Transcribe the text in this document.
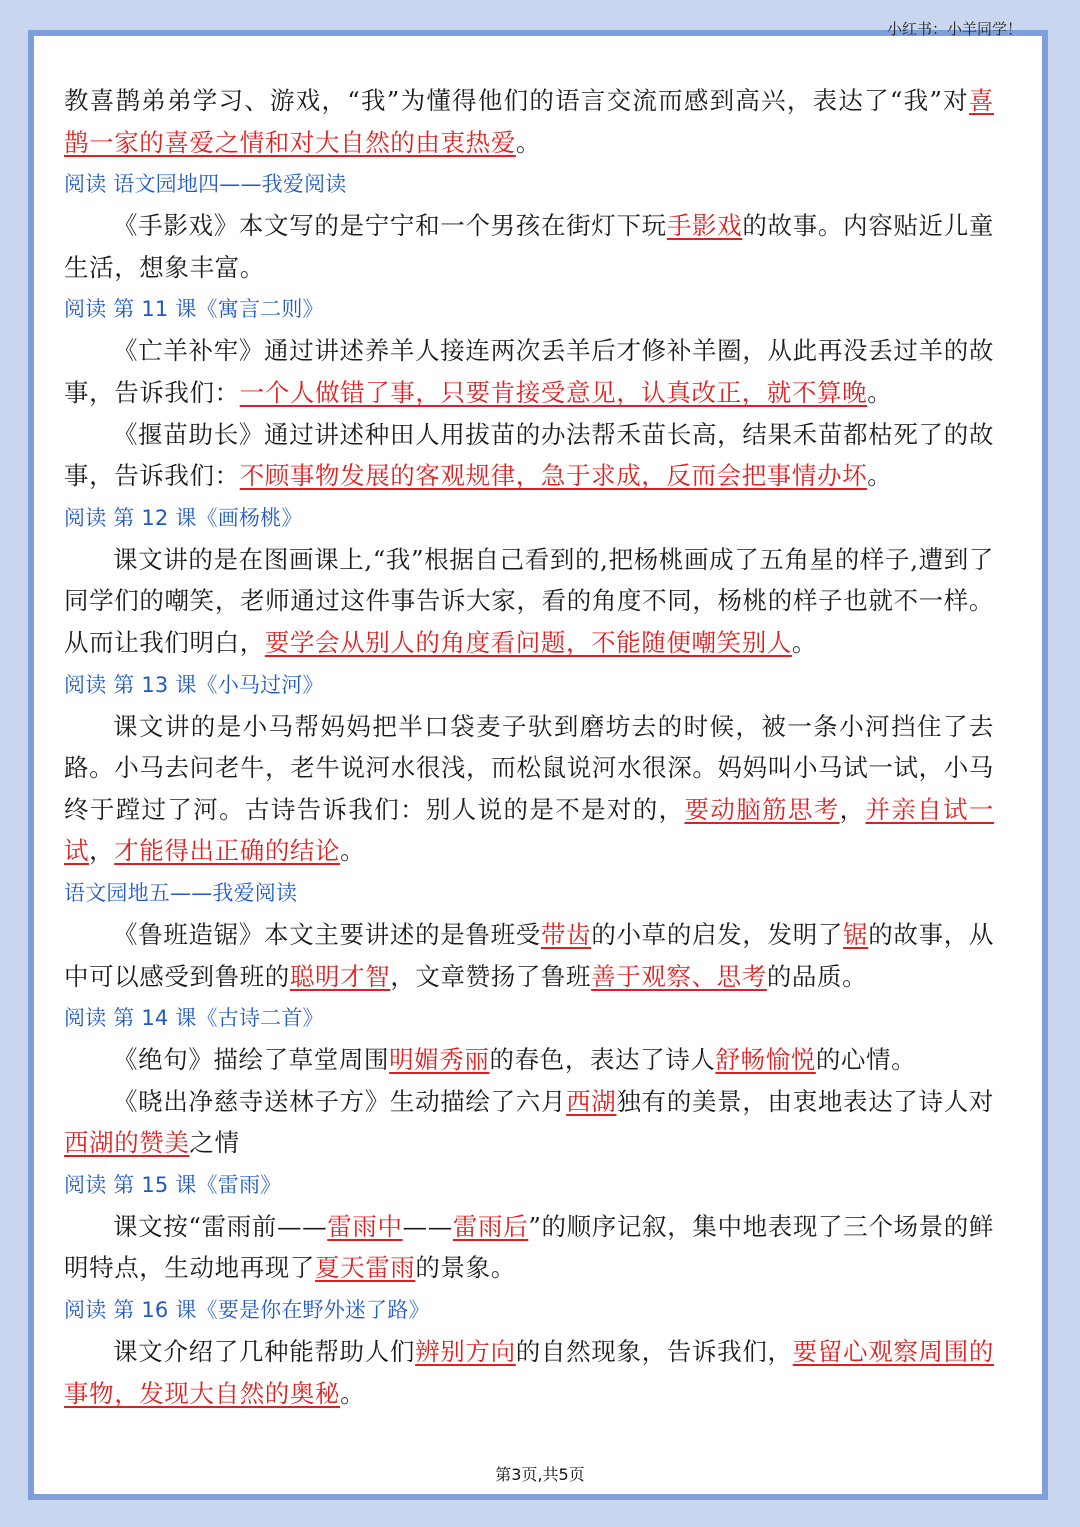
小红书：小羊同学！

教喜鹊弟弟学习、游戏，“我”为懂得他们的语言交流而感到高兴，表达了“我”对喜鹊一家的喜爱之情和对大自然的由衷热爱。

阅读 语文园地四——我爱阅读

《手影戏》本文写的是宁宁和一个男孩在街灯下玩手影戏的故事。内容贴近儿童生活，想象丰富。

阅读 第 11 课《寓言二则》

《亡羊补牢》通过讲述养羊人接连两次丢羊后才修补羊圈，从此再没丢过羊的故事，告诉我们：一个人做错了事，只要肯接受意见，认真改正，就不算晚。

《揠苗助长》通过讲述种田人用拔苗的办法帮禾苗长高，结果禾苗都枯死了的故事，告诉我们：不顾事物发展的客观规律，急于求成，反而会把事情办坏。

阅读 第 12 课《画杨桃》

课文讲的是在图画课上,“我”根据自己看到的,把杨桃画成了五角星的样子,遭到了同学们的嘲笑，老师通过这件事告诉大家，看的角度不同，杨桃的样子也就不一样。从而让我们明白，要学会从别人的角度看问题，不能随便嘲笑别人。

阅读 第 13 课《小马过河》

课文讲的是小马帮妈妈把半口袋麦子驮到磨坊去的时候，被一条小河挡住了去路。小马去问老牛，老牛说河水很浅，而松鼠说河水很深。妈妈叫小马试一试，小马终于蹚过了河。古诗告诉我们：别人说的是不是对的，要动脑筋思考，并亲自试一试，才能得出正确的结论。

语文园地五——我爱阅读

《鲁班造锯》本文主要讲述的是鲁班受带齿的小草的启发，发明了锯的故事，从中可以感受到鲁班的聪明才智，文章赞扬了鲁班善于观察、思考的品质。

阅读 第 14 课《古诗二首》

《绝句》描绘了草堂周围明媚秀丽的春色，表达了诗人舒畅愉悦的心情。

《晓出净慈寺送林子方》生动描绘了六月西湖独有的美景，由衷地表达了诗人对西湖的赞美之情

阅读 第 15 课《雷雨》

课文按“雷雨前——雷雨中——雷雨后”的顺序记叙，集中地表现了三个场景的鲜明特点，生动地再现了夏天雷雨的景象。

阅读 第 16 课《要是你在野外迷了路》

课文介绍了几种能帮助人们辨别方向的自然现象，告诉我们，要留心观察周围的事物，发现大自然的奥秘。

第3页,共5页
